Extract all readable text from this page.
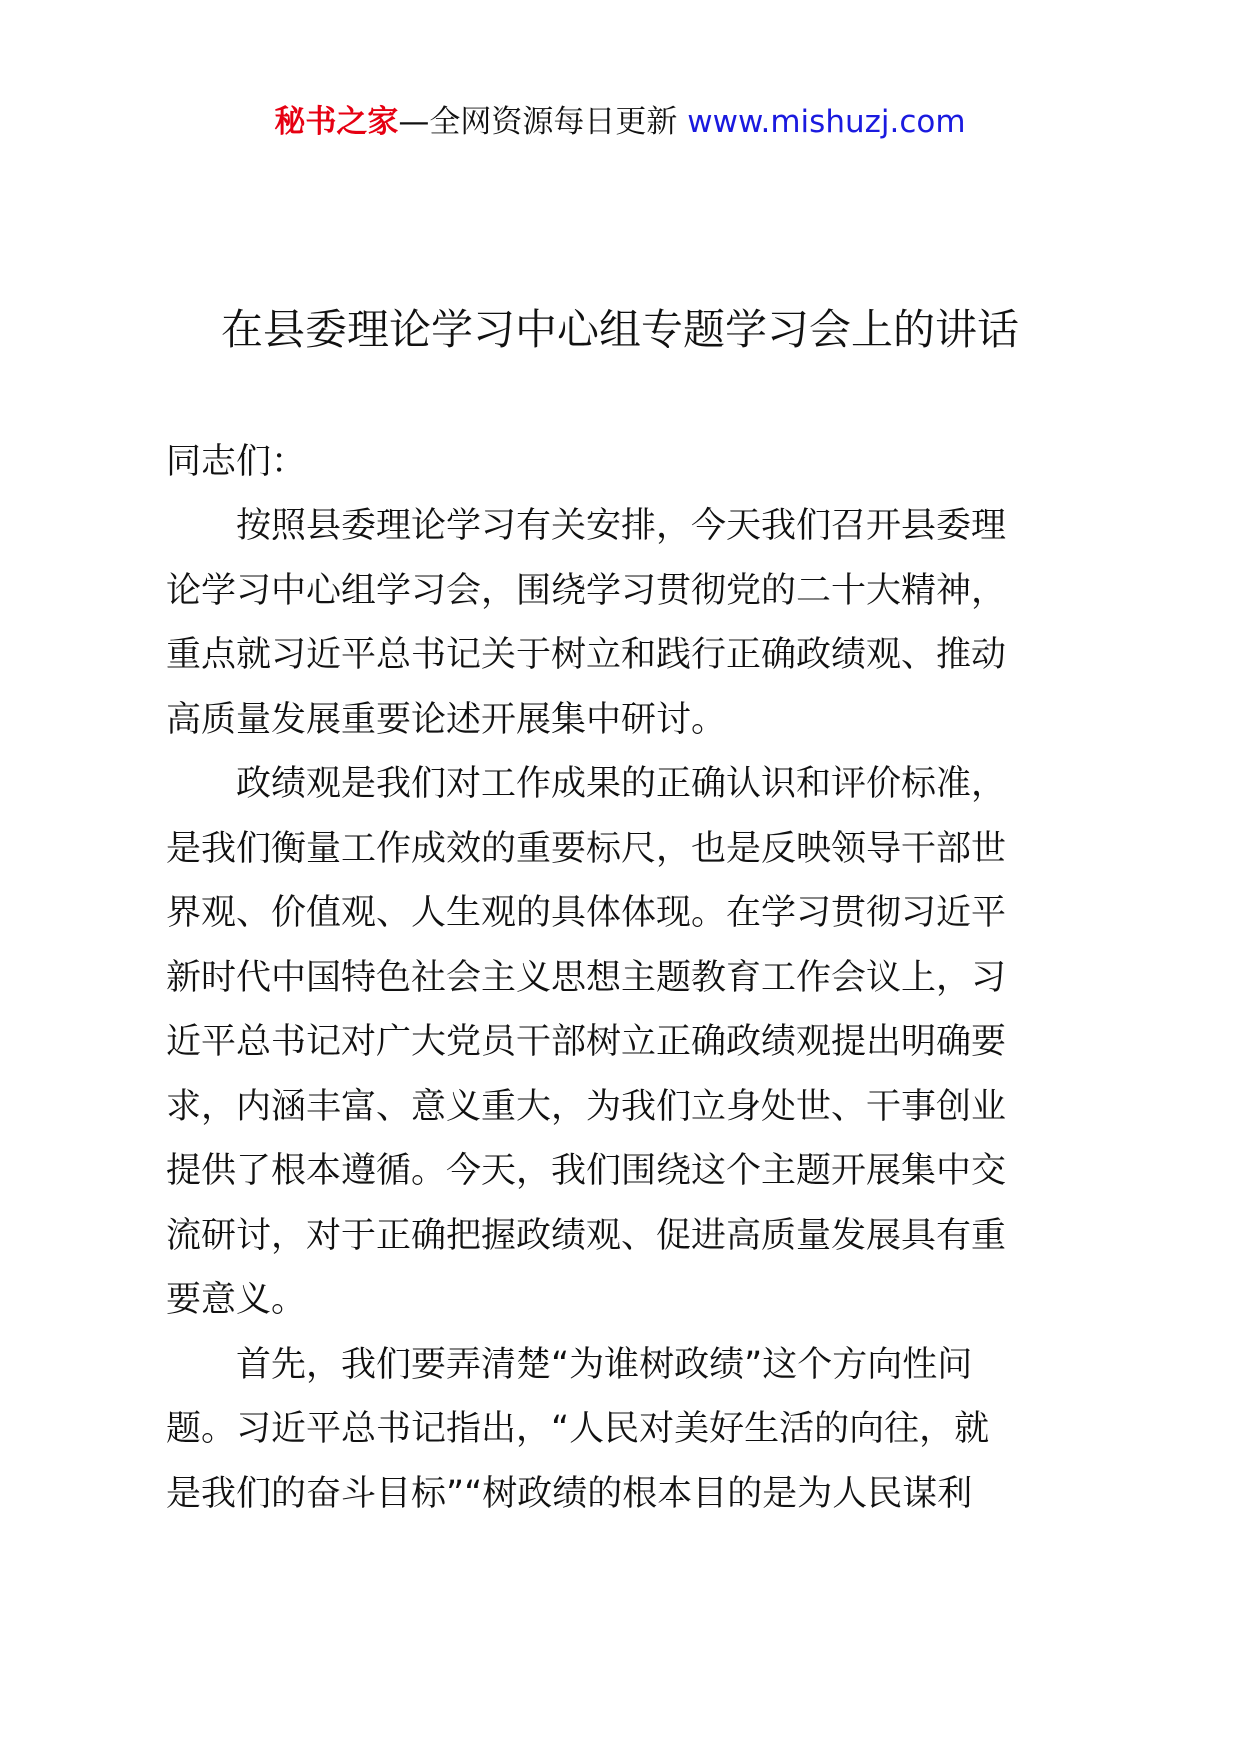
秘书之家—全网资源每日更新 www.mishuzj.com
在县委理论学习中心组专题学习会上的讲话

同志们：

　　按照县委理论学习有关安排，今天我们召开县委理
论学习中心组学习会，围绕学习贯彻党的二十大精神，
重点就习近平总书记关于树立和践行正确政绩观、推动
高质量发展重要论述开展集中研讨。
　　政绩观是我们对工作成果的正确认识和评价标准，
是我们衡量工作成效的重要标尺，也是反映领导干部世
界观、价值观、人生观的具体体现。在学习贯彻习近平
新时代中国特色社会主义思想主题教育工作会议上，习
近平总书记对广大党员干部树立正确政绩观提出明确要
求，内涵丰富、意义重大，为我们立身处世、干事创业
提供了根本遵循。今天，我们围绕这个主题开展集中交
流研讨，对于正确把握政绩观、促进高质量发展具有重
要意义。
　　首先，我们要弄清楚“为谁树政绩”这个方向性问
题。习近平总书记指出，“人民对美好生活的向往，就
是我们的奋斗目标”“树政绩的根本目的是为人民谋利
